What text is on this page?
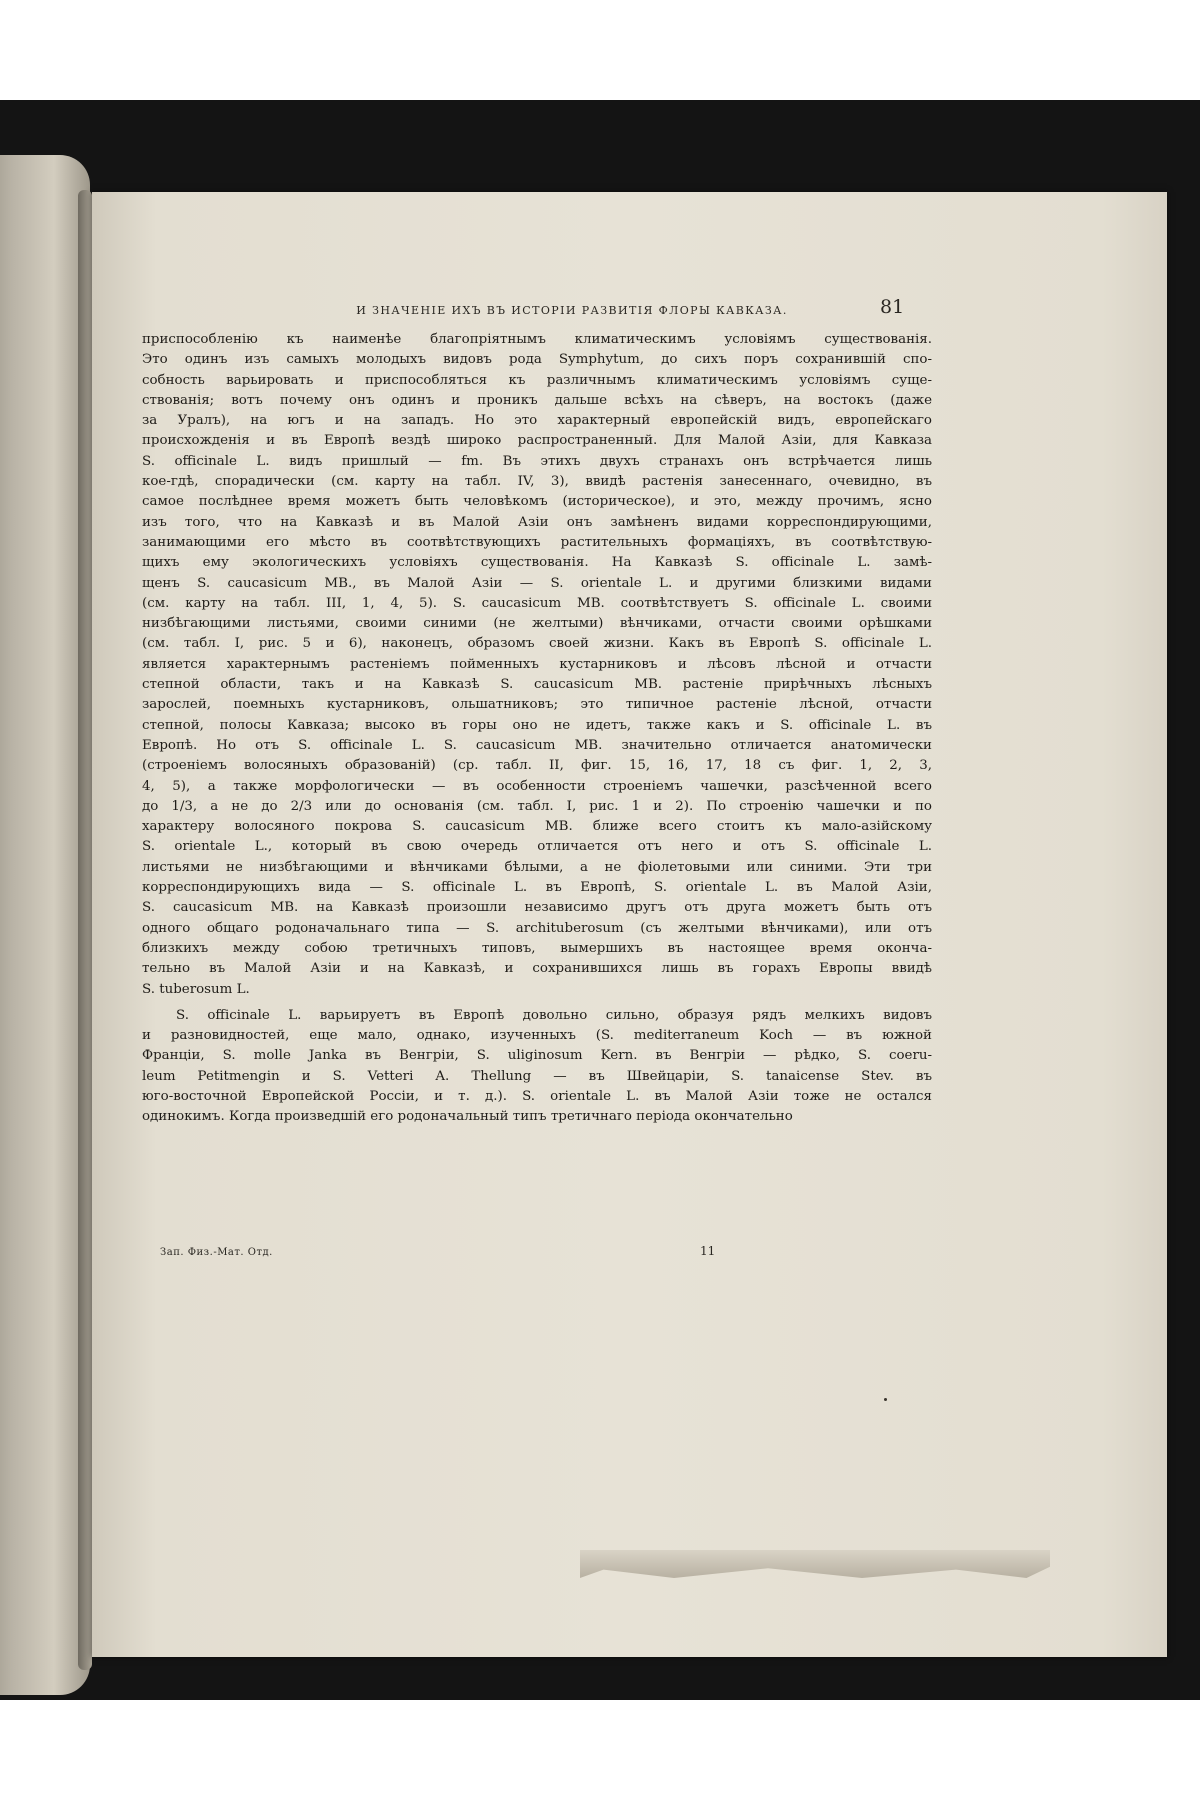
И ЗНАЧЕНІЕ ИХЪ ВЪ ИСТОРІИ РАЗВИТІЯ ФЛОРЫ КАВКАЗА.	81
приспособленію къ наименѣе благопріятнымъ климатическимъ условіямъ существованія.
Это одинъ изъ самыхъ молодыхъ видовъ рода Symphytum, до сихъ поръ сохранившій спо-
собность варьировать и приспособляться къ различнымъ климатическимъ условіямъ суще-
ствованія; вотъ почему онъ одинъ и проникъ дальше всѣхъ на сѣверъ, на востокъ (даже
за Уралъ), на югъ и на западъ. Но это характерный европейскій видъ, европейскаго
происхожденія и въ Европѣ вездѣ широко распространенный. Для Малой Азіи, для Кавказа
S. officinale L. видъ пришлый — fm. Въ этихъ двухъ странахъ онъ встрѣчается лишь
кое-гдѣ, спорадически (см. карту на табл. IV, 3), ввидѣ растенія занесеннаго, очевидно, въ
самое послѣднее время можетъ быть человѣкомъ (историческое), и это, между прочимъ, ясно
изъ того, что на Кавказѣ и въ Малой Азіи онъ замѣненъ видами корреспондирующими,
занимающими его мѣсто въ соотвѣтствующихъ растительныхъ формаціяхъ, въ соотвѣтствую-
щихъ ему экологическихъ условіяхъ существованія. На Кавказѣ S. officinale L. замѣ-
щенъ S. caucasicum MB., въ Малой Азіи — S. orientale L. и другими близкими видами
(см. карту на табл. III, 1, 4, 5). S. caucasicum MB. соотвѣтствуетъ S. officinale L. своими
низбѣгающими листьями, своими синими (не желтыми) вѣнчиками, отчасти своими орѣшками
(см. табл. I, рис. 5 и 6), наконецъ, образомъ своей жизни. Какъ въ Европѣ S. officinale L.
является характернымъ растеніемъ пойменныхъ кустарниковъ и лѣсовъ лѣсной и отчасти
степной области, такъ и на Кавказѣ S. caucasicum MB. растеніе прирѣчныхъ лѣсныхъ
зарослей, поемныхъ кустарниковъ, ольшатниковъ; это типичное растеніе лѣсной, отчасти
степной, полосы Кавказа; высоко въ горы оно не идетъ, также какъ и S. officinale L. въ
Европѣ. Но отъ S. officinale L. S. caucasicum MB. значительно отличается анатомически
(строеніемъ волосяныхъ образованій) (ср. табл. II, фиг. 15, 16, 17, 18 съ фиг. 1, 2, 3,
4, 5), а также морфологически — въ особенности строеніемъ чашечки, разсѣченной всего
до 1/3, а не до 2/3 или до основанія (см. табл. I, рис. 1 и 2). По строенію чашечки и по
характеру волосяного покрова S. caucasicum MB. ближе всего стоитъ къ мало-азійскому
S. orientale L., который въ свою очередь отличается отъ него и отъ S. officinale L.
листьями не низбѣгающими и вѣнчиками бѣлыми, а не фіолетовыми или синими. Эти три
корреспондирующихъ вида — S. officinale L. въ Европѣ, S. orientale L. въ Малой Азіи,
S. caucasicum MB. на Кавказѣ произошли независимо другъ отъ друга можетъ быть отъ
одного общаго родоначальнаго типа — S. archituberosum (съ желтыми вѣнчиками), или отъ
близкихъ между собою третичныхъ типовъ, вымершихъ въ настоящее время оконча-
тельно въ Малой Азіи и на Кавказѣ, и сохранившихся лишь въ горахъ Европы ввидѣ
S. tuberosum L.
S. officinale L. варьируетъ въ Европѣ довольно сильно, образуя рядъ мелкихъ видовъ
и разновидностей, еще мало, однако, изученныхъ (S. mediterraneum Koch — въ южной
Франціи, S. molle Janka въ Венгріи, S. uliginosum Kern. въ Венгріи — рѣдко, S. coeru-
leum Petitmengin и S. Vetteri A. Thellung — въ Швейцаріи, S. tanaicense Stev. въ
юго-восточной Европейской Россіи, и т. д.). S. orientale L. въ Малой Азіи тоже не остался
одинокимъ. Когда произведшій его родоначальный типъ третичнаго періода окончательно
Зап. Физ.-Мат. Отд.	11
